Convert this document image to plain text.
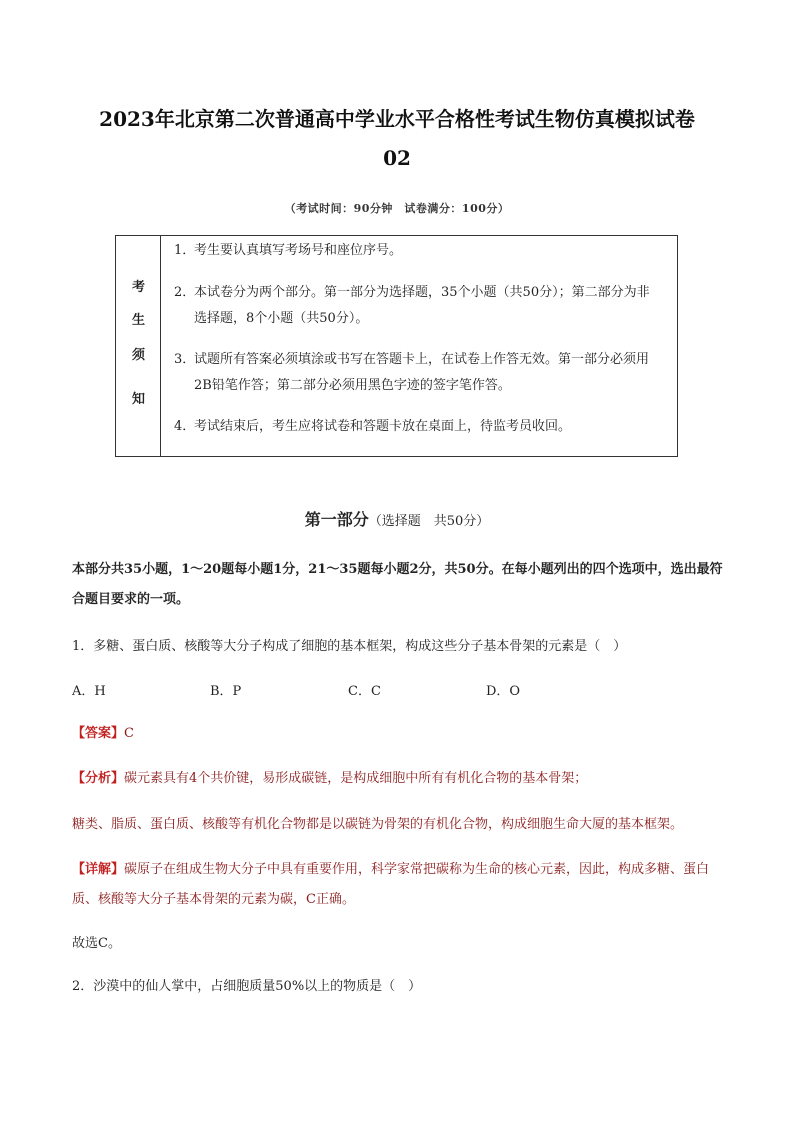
2023年北京第二次普通高中学业水平合格性考试生物仿真模拟试卷
02
（考试时间：90分钟　试卷满分：100分）
考
生
须
知
1．考生要认真填写考场号和座位序号。
2．本试卷分为两个部分。第一部分为选择题，35个小题（共50分）；第二部分为非选择题，8个小题（共50分）。
3．试题所有答案必须填涂或书写在答题卡上，在试卷上作答无效。第一部分必须用2B铅笔作答；第二部分必须用黑色字迹的签字笔作答。
4．考试结束后，考生应将试卷和答题卡放在桌面上，待监考员收回。
第一部分（选择题　共50分）
本部分共35小题，1～20题每小题1分，21～35题每小题2分，共50分。在每小题列出的四个选项中，选出最符合题目要求的一项。
1．多糖、蛋白质、核酸等大分子构成了细胞的基本框架，构成这些分子基本骨架的元素是（　）
A．H	B．P	C．C	D．O
【答案】C
【分析】碳元素具有4个共价键，易形成碳链，是构成细胞中所有有机化合物的基本骨架；
糖类、脂质、蛋白质、核酸等有机化合物都是以碳链为骨架的有机化合物，构成细胞生命大厦的基本框架。
【详解】碳原子在组成生物大分子中具有重要作用，科学家常把碳称为生命的核心元素，因此，构成多糖、蛋白质、核酸等大分子基本骨架的元素为碳，C正确。
故选C。
2．沙漠中的仙人掌中，占细胞质量50%以上的物质是（　）
